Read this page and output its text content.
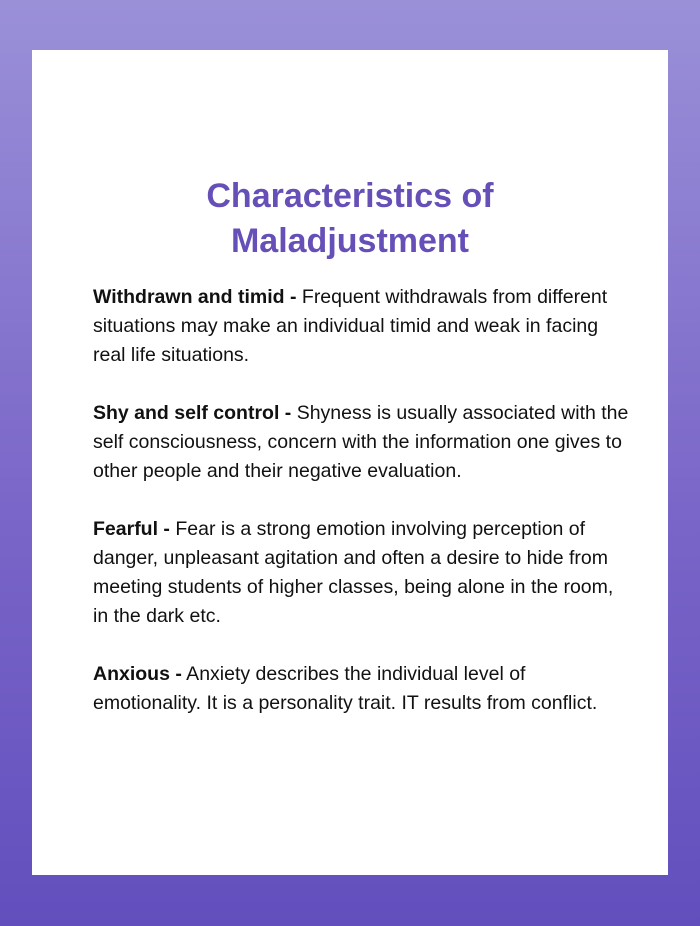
Characteristics of
Maladjustment

Withdrawn and timid - Frequent withdrawals from different situations may make an individual timid and weak in facing real life situations.

Shy and self control - Shyness is usually associated with the self consciousness, concern with the information one gives to other people and their negative evaluation.

Fearful - Fear is a strong emotion involving perception of danger, unpleasant agitation and often a desire to hide from meeting students of higher classes, being alone in the room, in the dark etc.

Anxious - Anxiety describes the individual level of emotionality. It is a personality trait. IT results from conflict.
